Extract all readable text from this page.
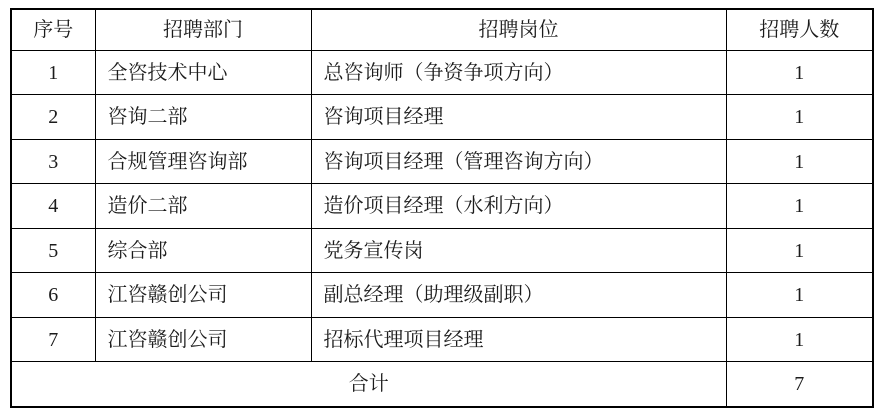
序号	招聘部门	招聘岗位	招聘人数
1	全咨技术中心	总咨询师（争资争项方向）	1
2	咨询二部	咨询项目经理	1
3	合规管理咨询部	咨询项目经理（管理咨询方向）	1
4	造价二部	造价项目经理（水利方向）	1
5	综合部	党务宣传岗	1
6	江咨赣创公司	副总经理（助理级副职）	1
7	江咨赣创公司	招标代理项目经理	1
合计			7
